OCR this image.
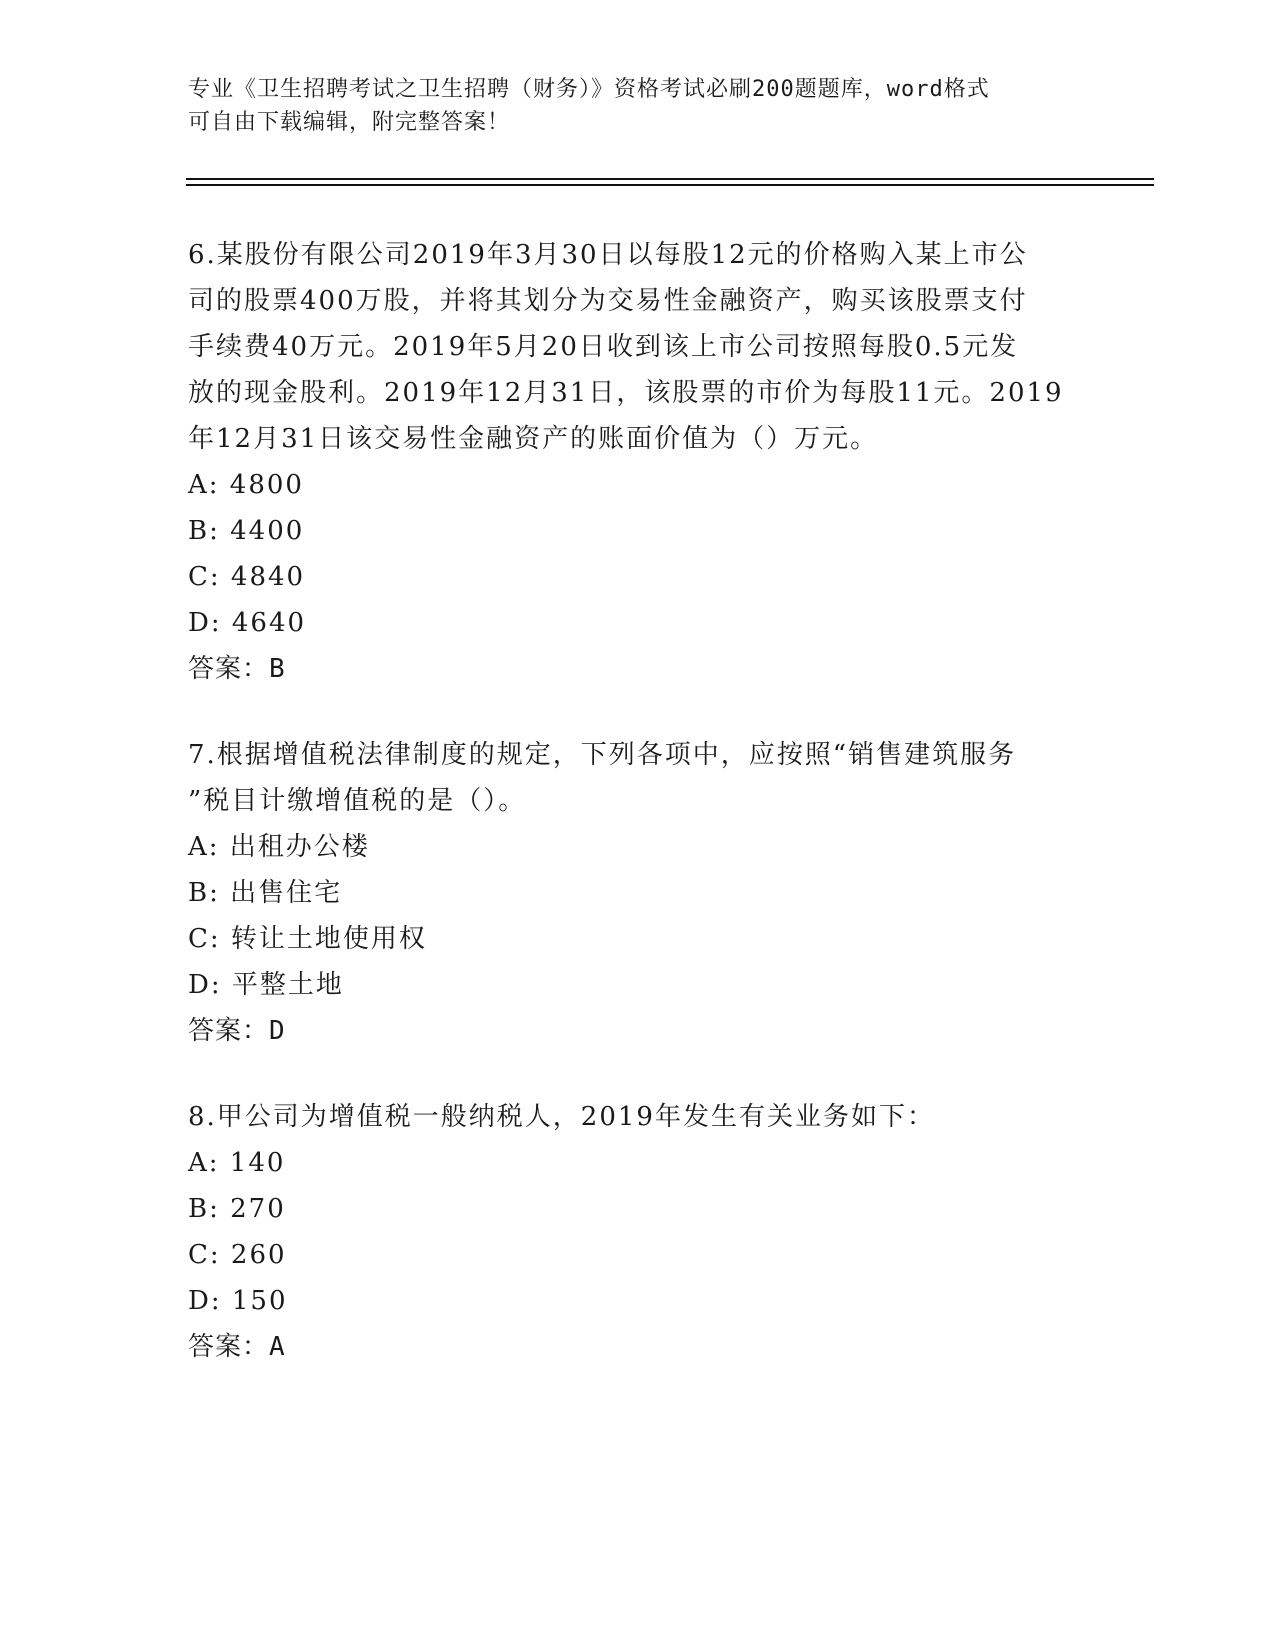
专业《卫生招聘考试之卫生招聘（财务）》资格考试必刷200题题库，word格式
可自由下载编辑，附完整答案！
6.某股份有限公司2019年3月30日以每股12元的价格购入某上市公
司的股票400万股，并将其划分为交易性金融资产，购买该股票支付
手续费40万元。2019年5月20日收到该上市公司按照每股0.5元发
放的现金股利。2019年12月31日，该股票的市价为每股11元。2019
年12月31日该交易性金融资产的账面价值为（）万元。
A: 4800
B: 4400
C: 4840
D: 4640
答案：B
7.根据增值税法律制度的规定，下列各项中，应按照“销售建筑服务
”税目计缴增值税的是（）。
A: 出租办公楼
B: 出售住宅
C: 转让土地使用权
D: 平整土地
答案：D
8.甲公司为增值税一般纳税人，2019年发生有关业务如下：
A: 140
B: 270
C: 260
D: 150
答案：A
